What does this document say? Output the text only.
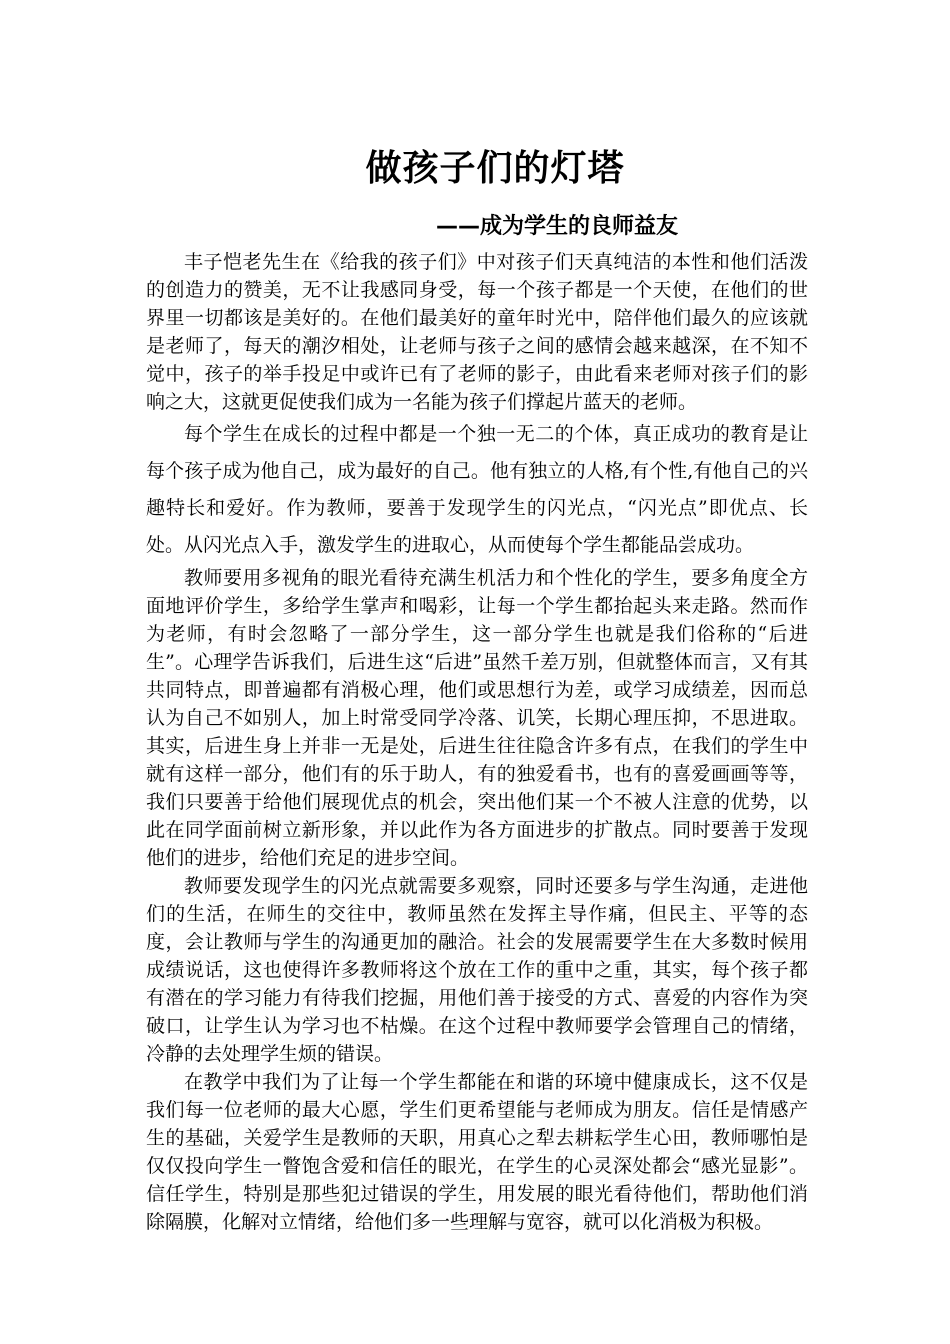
做孩子们的灯塔
——成为学生的良师益友

丰子恺老先生在《给我的孩子们》中对孩子们天真纯洁的本性和他们活泼的创造力的赞美，无不让我感同身受，每一个孩子都是一个天使，在他们的世界里一切都该是美好的。在他们最美好的童年时光中，陪伴他们最久的应该就是老师了，每天的潮汐相处，让老师与孩子之间的感情会越来越深，在不知不觉中，孩子的举手投足中或许已有了老师的影子，由此看来老师对孩子们的影响之大，这就更促使我们成为一名能为孩子们撑起片蓝天的老师。

每个学生在成长的过程中都是一个独一无二的个体，真正成功的教育是让每个孩子成为他自己，成为最好的自己。他有独立的人格,有个性,有他自己的兴趣特长和爱好。作为教师，要善于发现学生的闪光点，“闪光点”即优点、长处。从闪光点入手，激发学生的进取心，从而使每个学生都能品尝成功。

教师要用多视角的眼光看待充满生机活力和个性化的学生，要多角度全方面地评价学生，多给学生掌声和喝彩，让每一个学生都抬起头来走路。然而作为老师，有时会忽略了一部分学生，这一部分学生也就是我们俗称的“后进生”。心理学告诉我们，后进生这“后进”虽然千差万别，但就整体而言，又有其共同特点，即普遍都有消极心理，他们或思想行为差，或学习成绩差，因而总认为自己不如别人，加上时常受同学冷落、讥笑，长期心理压抑，不思进取。其实，后进生身上并非一无是处，后进生往往隐含许多有点，在我们的学生中就有这样一部分，他们有的乐于助人，有的独爱看书，也有的喜爱画画等等，我们只要善于给他们展现优点的机会，突出他们某一个不被人注意的优势，以此在同学面前树立新形象，并以此作为各方面进步的扩散点。同时要善于发现他们的进步，给他们充足的进步空间。

教师要发现学生的闪光点就需要多观察，同时还要多与学生沟通，走进他们的生活，在师生的交往中，教师虽然在发挥主导作痛，但民主、平等的态度，会让教师与学生的沟通更加的融洽。社会的发展需要学生在大多数时候用成绩说话，这也使得许多教师将这个放在工作的重中之重，其实，每个孩子都有潜在的学习能力有待我们挖掘，用他们善于接受的方式、喜爱的内容作为突破口，让学生认为学习也不枯燥。在这个过程中教师要学会管理自己的情绪，冷静的去处理学生烦的错误。

在教学中我们为了让每一个学生都能在和谐的环境中健康成长，这不仅是我们每一位老师的最大心愿，学生们更希望能与老师成为朋友。信任是情感产生的基础，关爱学生是教师的天职，用真心之犁去耕耘学生心田，教师哪怕是仅仅投向学生一瞥饱含爱和信任的眼光，在学生的心灵深处都会“感光显影”。信任学生，特别是那些犯过错误的学生，用发展的眼光看待他们，帮助他们消除隔膜，化解对立情绪，给他们多一些理解与宽容，就可以化消极为积极。
